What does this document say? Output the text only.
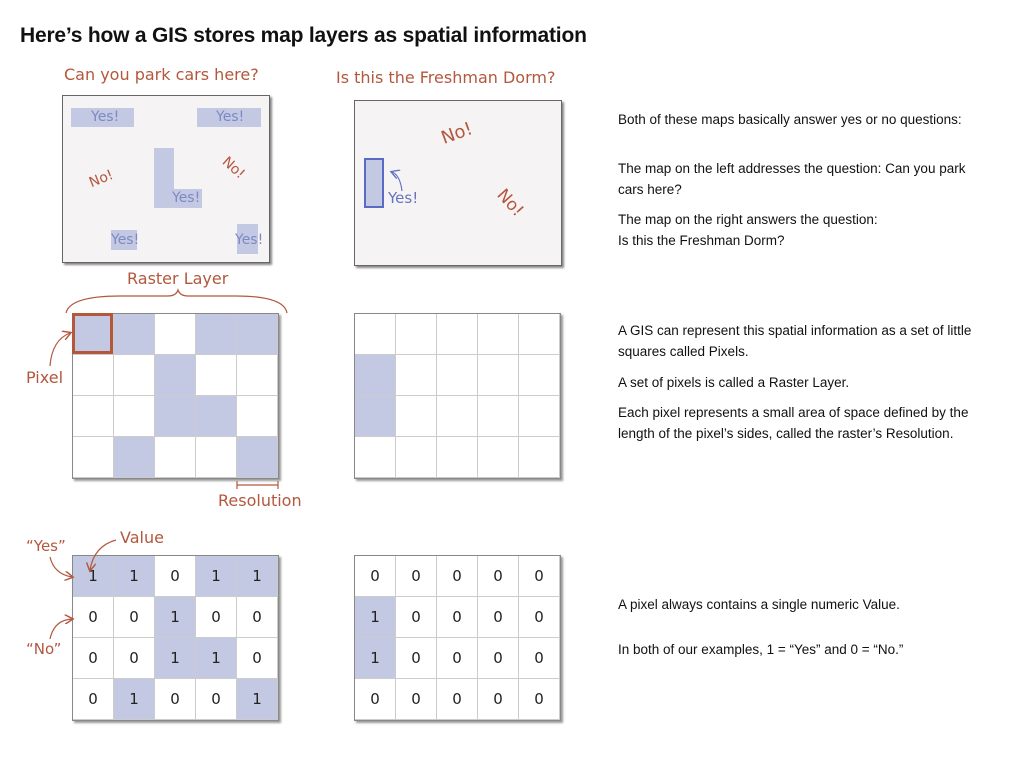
Here’s how a GIS stores map layers as spatial information
Can you park cars here?	Is this the Freshman Dorm?
Yes!	Yes!
Yes!
Yes!	Yes!
No!	No!
Yes!
No!
No!
Raster Layer
Pixel
Resolution
Value
“Yes”
“No”
1	1	0	1	1
0	0	1	0	0
0	0	1	1	0
0	1	0	0	1
0	0	0	0	0
1	0	0	0	0
1	0	0	0	0
0	0	0	0	0
Both of these maps basically answer yes or no questions:
The map on the left addresses the question: Can you park cars here?
The map on the right answers the question:
Is this the Freshman Dorm?
A GIS can represent this spatial information as a set of little squares called Pixels.
A set of pixels is called a Raster Layer.
Each pixel represents a small area of space defined by the length of the pixel’s sides, called the raster’s Resolution.
A pixel always contains a single numeric Value.
In both of our examples, 1 = “Yes” and 0 = “No.”
